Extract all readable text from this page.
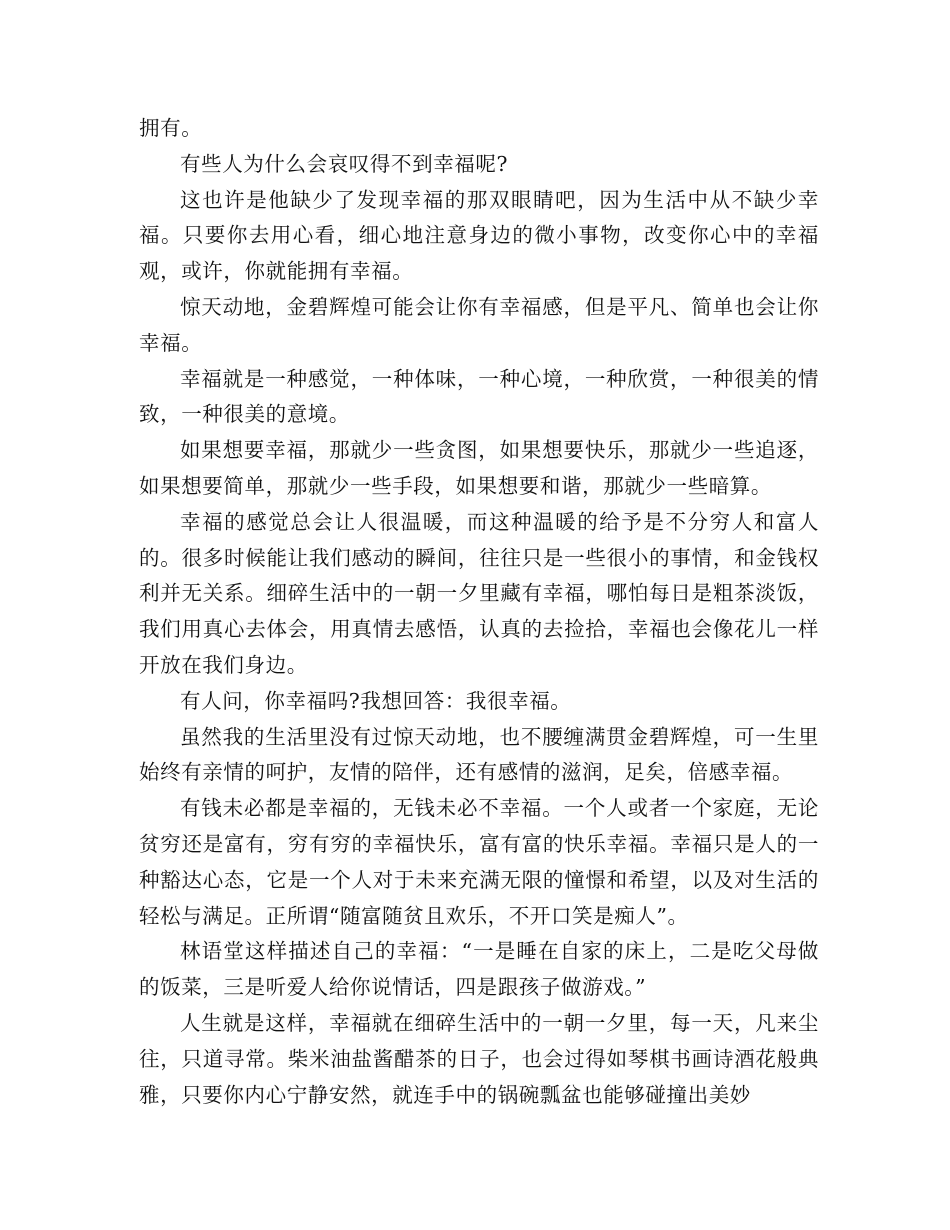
拥有。

有些人为什么会哀叹得不到幸福呢?

这也许是他缺少了发现幸福的那双眼睛吧，因为生活中从不缺少幸福。只要你去用心看，细心地注意身边的微小事物，改变你心中的幸福观，或许，你就能拥有幸福。

惊天动地，金碧辉煌可能会让你有幸福感，但是平凡、简单也会让你幸福。

幸福就是一种感觉，一种体味，一种心境，一种欣赏，一种很美的情致，一种很美的意境。

如果想要幸福，那就少一些贪图，如果想要快乐，那就少一些追逐，如果想要简单，那就少一些手段，如果想要和谐，那就少一些暗算。

幸福的感觉总会让人很温暖，而这种温暖的给予是不分穷人和富人的。很多时候能让我们感动的瞬间，往往只是一些很小的事情，和金钱权利并无关系。细碎生活中的一朝一夕里藏有幸福，哪怕每日是粗茶淡饭，我们用真心去体会，用真情去感悟，认真的去捡拾，幸福也会像花儿一样开放在我们身边。

有人问，你幸福吗?我想回答：我很幸福。

虽然我的生活里没有过惊天动地，也不腰缠满贯金碧辉煌，可一生里始终有亲情的呵护，友情的陪伴，还有感情的滋润，足矣，倍感幸福。

有钱未必都是幸福的，无钱未必不幸福。一个人或者一个家庭，无论贫穷还是富有，穷有穷的幸福快乐，富有富的快乐幸福。幸福只是人的一种豁达心态，它是一个人对于未来充满无限的憧憬和希望，以及对生活的轻松与满足。正所谓“随富随贫且欢乐，不开口笑是痴人”。

林语堂这样描述自己的幸福：“一是睡在自家的床上，二是吃父母做的饭菜，三是听爱人给你说情话，四是跟孩子做游戏。”

人生就是这样，幸福就在细碎生活中的一朝一夕里，每一天，凡来尘往，只道寻常。柴米油盐酱醋茶的日子，也会过得如琴棋书画诗酒花般典雅，只要你内心宁静安然，就连手中的锅碗瓢盆也能够碰撞出美妙
